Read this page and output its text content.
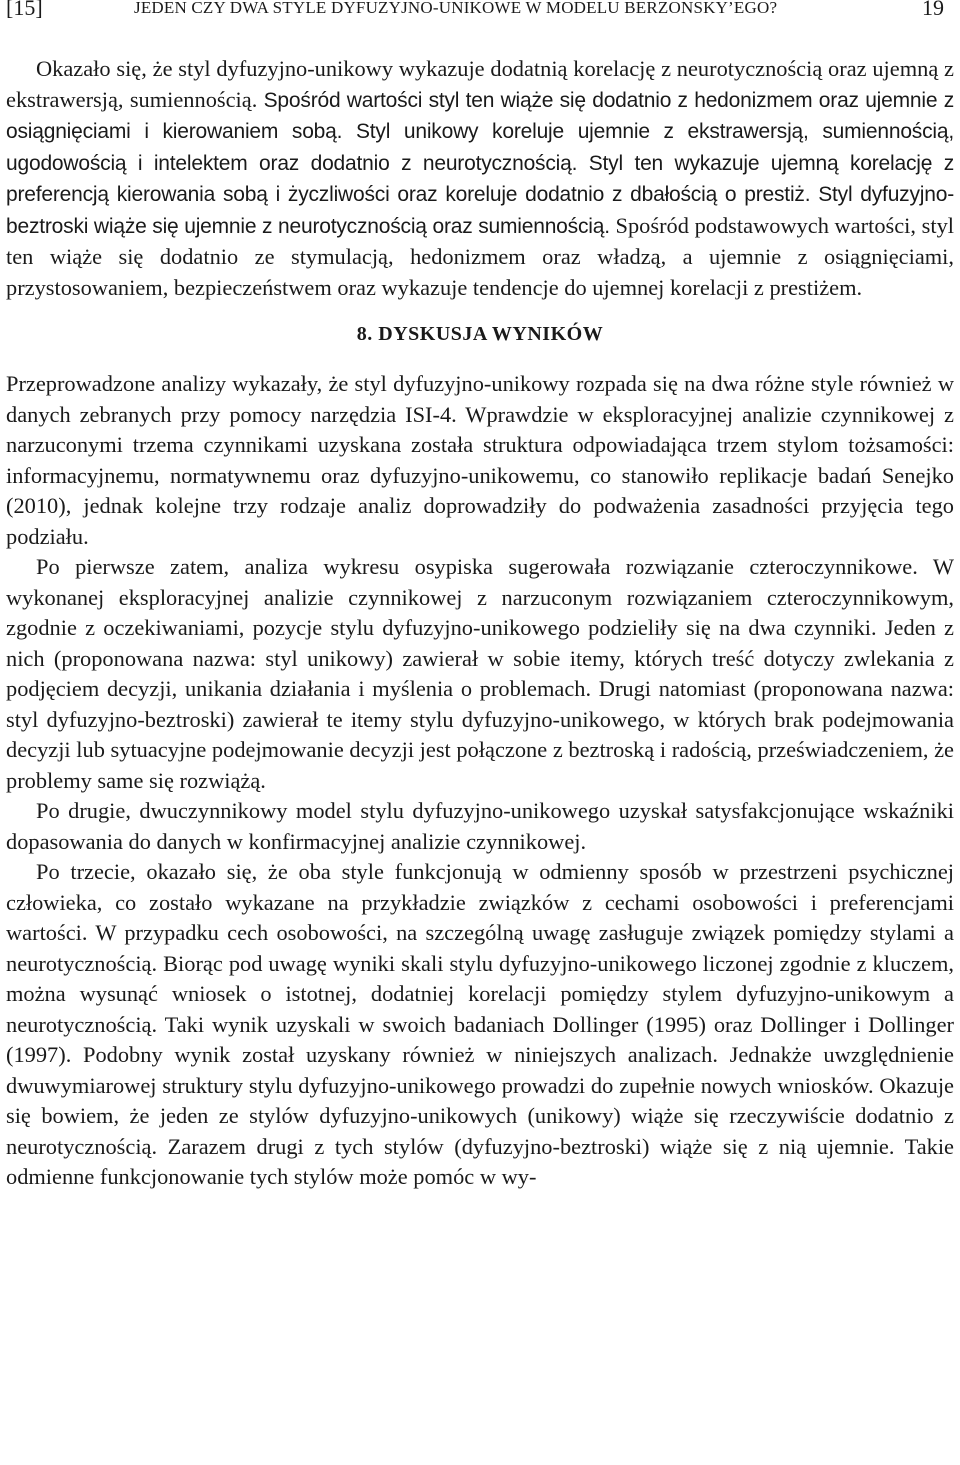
[15]	JEDEN CZY DWA STYLE DYFUZYJNO-UNIKOWE W MODELU BERZONSKY’EGO?	19

Okazało się, że styl dyfuzyjno-unikowy wykazuje dodatnią korelację z neurotycznością oraz ujemną z ekstrawersją, sumiennością. Spośród wartości styl ten wiąże się dodatnio z hedonizmem oraz ujemnie z osiągnięciami i kierowaniem sobą. Styl unikowy koreluje ujemnie z ekstrawersją, sumiennością, ugodowością i intelektem oraz dodatnio z neurotycznością. Styl ten wykazuje ujemną korelację z preferencją kierowania sobą i życzliwości oraz koreluje dodatnio z dbałością o prestiż. Styl dyfuzyjno-beztroski wiąże się ujemnie z neurotycznością oraz sumiennością. Spośród podstawowych wartości, styl ten wiąże się dodatnio ze stymulacją, hedonizmem oraz władzą, a ujemnie z osiągnięciami, przystosowaniem, bezpieczeństwem oraz wykazuje tendencje do ujemnej korelacji z prestiżem.

8. DYSKUSJA WYNIKÓW

Przeprowadzone analizy wykazały, że styl dyfuzyjno-unikowy rozpada się na dwa różne style również w danych zebranych przy pomocy narzędzia ISI-4. Wprawdzie w eksploracyjnej analizie czynnikowej z narzuconymi trzema czynnikami uzyskana została struktura odpowiadająca trzem stylom tożsamości: informacyjnemu, normatywnemu oraz dyfuzyjno-unikowemu, co stanowiło replikacje badań Senejko (2010), jednak kolejne trzy rodzaje analiz doprowadziły do podważenia zasadności przyjęcia tego podziału.

Po pierwsze zatem, analiza wykresu osypiska sugerowała rozwiązanie czteroczynnikowe. W wykonanej eksploracyjnej analizie czynnikowej z narzuconym rozwiązaniem czteroczynnikowym, zgodnie z oczekiwaniami, pozycje stylu dyfuzyjno-unikowego podzieliły się na dwa czynniki. Jeden z nich (proponowana nazwa: styl unikowy) zawierał w sobie itemy, których treść dotyczy zwlekania z podjęciem decyzji, unikania działania i myślenia o problemach. Drugi natomiast (proponowana nazwa: styl dyfuzyjno-beztroski) zawierał te itemy stylu dyfuzyjno-unikowego, w których brak podejmowania decyzji lub sytuacyjne podejmowanie decyzji jest połączone z beztroską i radością, przeświadczeniem, że problemy same się rozwiążą.

Po drugie, dwuczynnikowy model stylu dyfuzyjno-unikowego uzyskał satysfakcjonujące wskaźniki dopasowania do danych w konfirmacyjnej analizie czynnikowej.

Po trzecie, okazało się, że oba style funkcjonują w odmienny sposób w przestrzeni psychicznej człowieka, co zostało wykazane na przykładzie związków z cechami osobowości i preferencjami wartości. W przypadku cech osobowości, na szczególną uwagę zasługuje związek pomiędzy stylami a neurotycznością. Biorąc pod uwagę wyniki skali stylu dyfuzyjno-unikowego liczonej zgodnie z kluczem, można wysunąć wniosek o istotnej, dodatniej korelacji pomiędzy stylem dyfuzyjno-unikowym a neurotycznością. Taki wynik uzyskali w swoich badaniach Dollinger (1995) oraz Dollinger i Dollinger (1997). Podobny wynik został uzyskany również w niniejszych analizach. Jednakże uwzględnienie dwuwymiarowej struktury stylu dyfuzyjno-unikowego prowadzi do zupełnie nowych wniosków. Okazuje się bowiem, że jeden ze stylów dyfuzyjno-unikowych (unikowy) wiąże się rzeczywiście dodatnio z neurotycznością. Zarazem drugi z tych stylów (dyfuzyjno-beztroski) wiąże się z nią ujemnie. Takie odmienne funkcjonowanie tych stylów może pomóc w wy-
